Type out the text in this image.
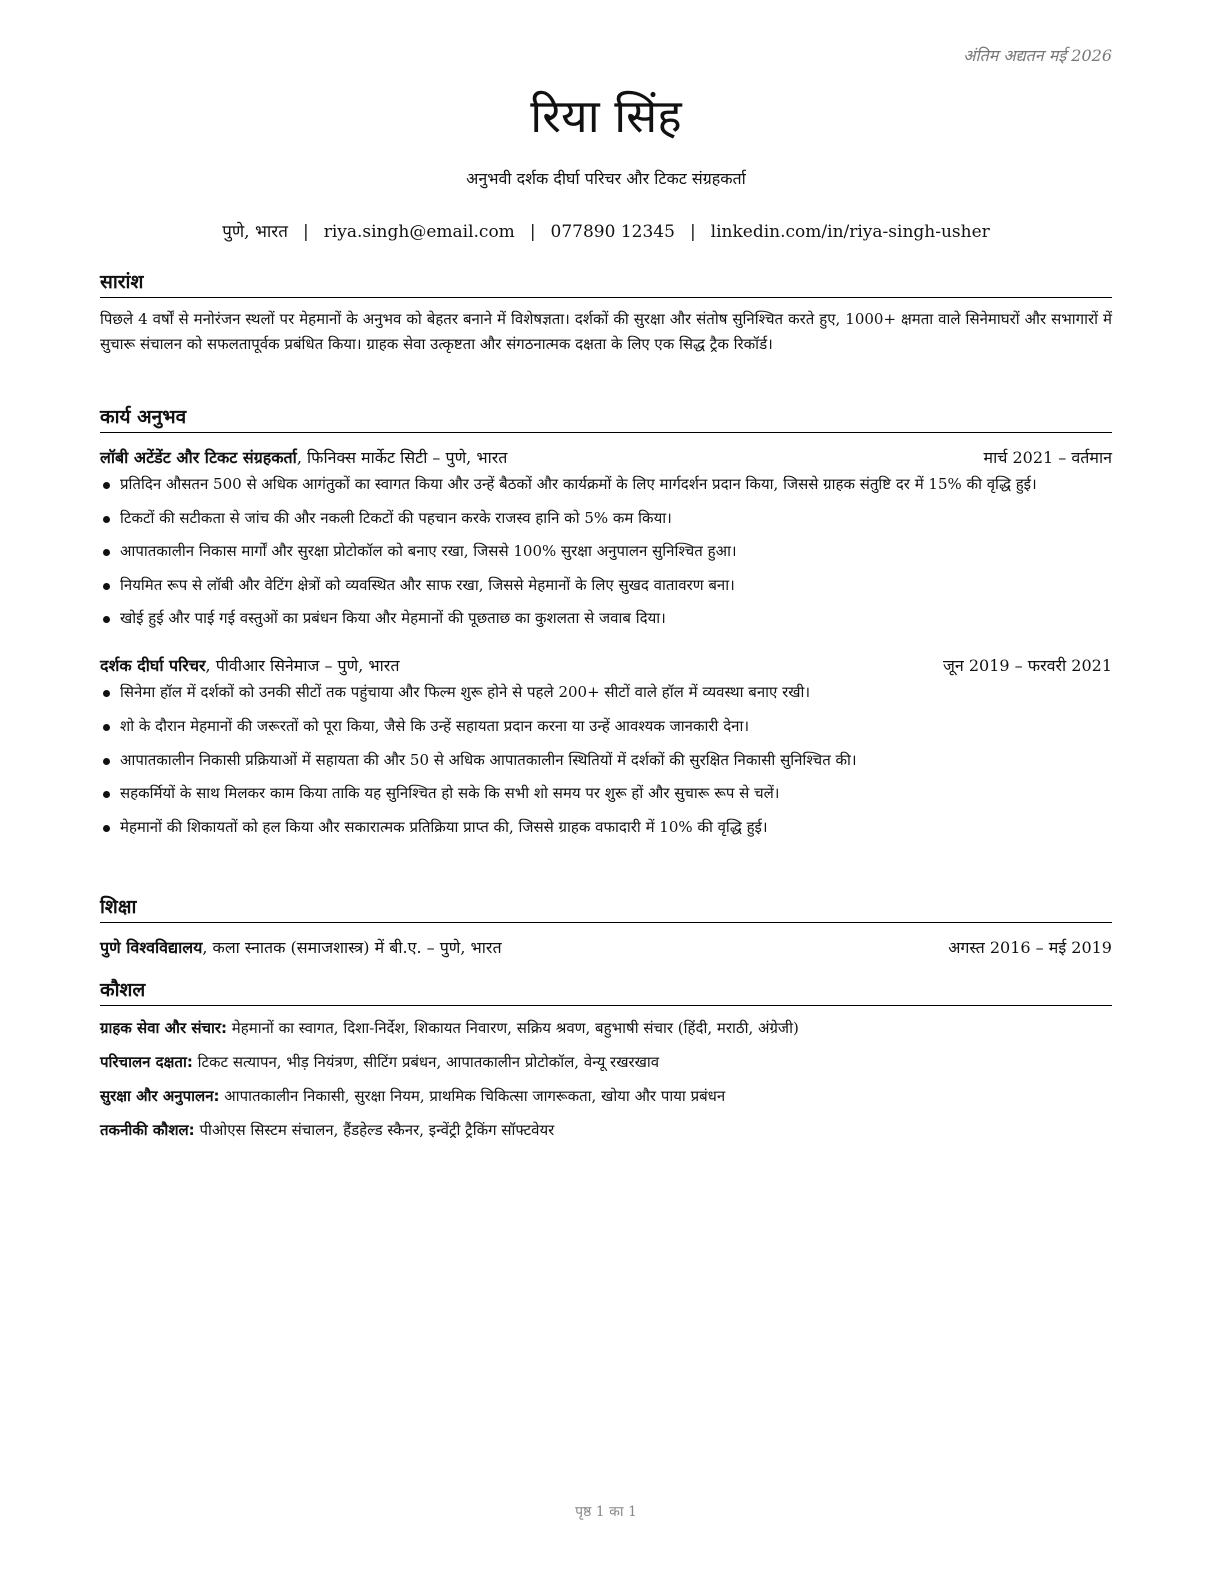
अंतिम अद्यतन मई 2026
रिया सिंह
अनुभवी दर्शक दीर्घा परिचर और टिकट संग्रहकर्ता
पुणे, भारत | riya.singh@email.com | 077890 12345 | linkedin.com/in/riya-singh-usher
सारांश

पिछले 4 वर्षों से मनोरंजन स्थलों पर मेहमानों के अनुभव को बेहतर बनाने में विशेषज्ञता। दर्शकों की सुरक्षा और संतोष सुनिश्चित करते हुए, 1000+ क्षमता वाले सिनेमाघरों और सभागारों में सुचारू संचालन को सफलतापूर्वक प्रबंधित किया। ग्राहक सेवा उत्कृष्टता और संगठनात्मक दक्षता के लिए एक सिद्ध ट्रैक रिकॉर्ड।

कार्य अनुभव
लॉबी अटेंडेंट और टिकट संग्रहकर्ता, फिनिक्स मार्केट सिटी – पुणे, भारत	मार्च 2021 – वर्तमान
प्रतिदिन औसतन 500 से अधिक आगंतुकों का स्वागत किया और उन्हें बैठकों और कार्यक्रमों के लिए मार्गदर्शन प्रदान किया, जिससे ग्राहक संतुष्टि दर में 15% की वृद्धि हुई।
टिकटों की सटीकता से जांच की और नकली टिकटों की पहचान करके राजस्व हानि को 5% कम किया।
आपातकालीन निकास मार्गों और सुरक्षा प्रोटोकॉल को बनाए रखा, जिससे 100% सुरक्षा अनुपालन सुनिश्चित हुआ।
नियमित रूप से लॉबी और वेटिंग क्षेत्रों को व्यवस्थित और साफ रखा, जिससे मेहमानों के लिए सुखद वातावरण बना।
खोई हुई और पाई गई वस्तुओं का प्रबंधन किया और मेहमानों की पूछताछ का कुशलता से जवाब दिया।
दर्शक दीर्घा परिचर, पीवीआर सिनेमाज – पुणे, भारत	जून 2019 – फरवरी 2021
सिनेमा हॉल में दर्शकों को उनकी सीटों तक पहुंचाया और फिल्म शुरू होने से पहले 200+ सीटों वाले हॉल में व्यवस्था बनाए रखी।
शो के दौरान मेहमानों की जरूरतों को पूरा किया, जैसे कि उन्हें सहायता प्रदान करना या उन्हें आवश्यक जानकारी देना।
आपातकालीन निकासी प्रक्रियाओं में सहायता की और 50 से अधिक आपातकालीन स्थितियों में दर्शकों की सुरक्षित निकासी सुनिश्चित की।
सहकर्मियों के साथ मिलकर काम किया ताकि यह सुनिश्चित हो सके कि सभी शो समय पर शुरू हों और सुचारू रूप से चलें।
मेहमानों की शिकायतों को हल किया और सकारात्मक प्रतिक्रिया प्राप्त की, जिससे ग्राहक वफादारी में 10% की वृद्धि हुई।
शिक्षा
पुणे विश्वविद्यालय, कला स्नातक (समाजशास्त्र) में बी.ए. – पुणे, भारत	अगस्त 2016 – मई 2019
कौशल
ग्राहक सेवा और संचार: मेहमानों का स्वागत, दिशा-निर्देश, शिकायत निवारण, सक्रिय श्रवण, बहुभाषी संचार (हिंदी, मराठी, अंग्रेजी)
परिचालन दक्षता: टिकट सत्यापन, भीड़ नियंत्रण, सीटिंग प्रबंधन, आपातकालीन प्रोटोकॉल, वेन्यू रखरखाव
सुरक्षा और अनुपालन: आपातकालीन निकासी, सुरक्षा नियम, प्राथमिक चिकित्सा जागरूकता, खोया और पाया प्रबंधन
तकनीकी कौशल: पीओएस सिस्टम संचालन, हैंडहेल्ड स्कैनर, इन्वेंट्री ट्रैकिंग सॉफ्टवेयर
पृष्ठ 1 का 1
